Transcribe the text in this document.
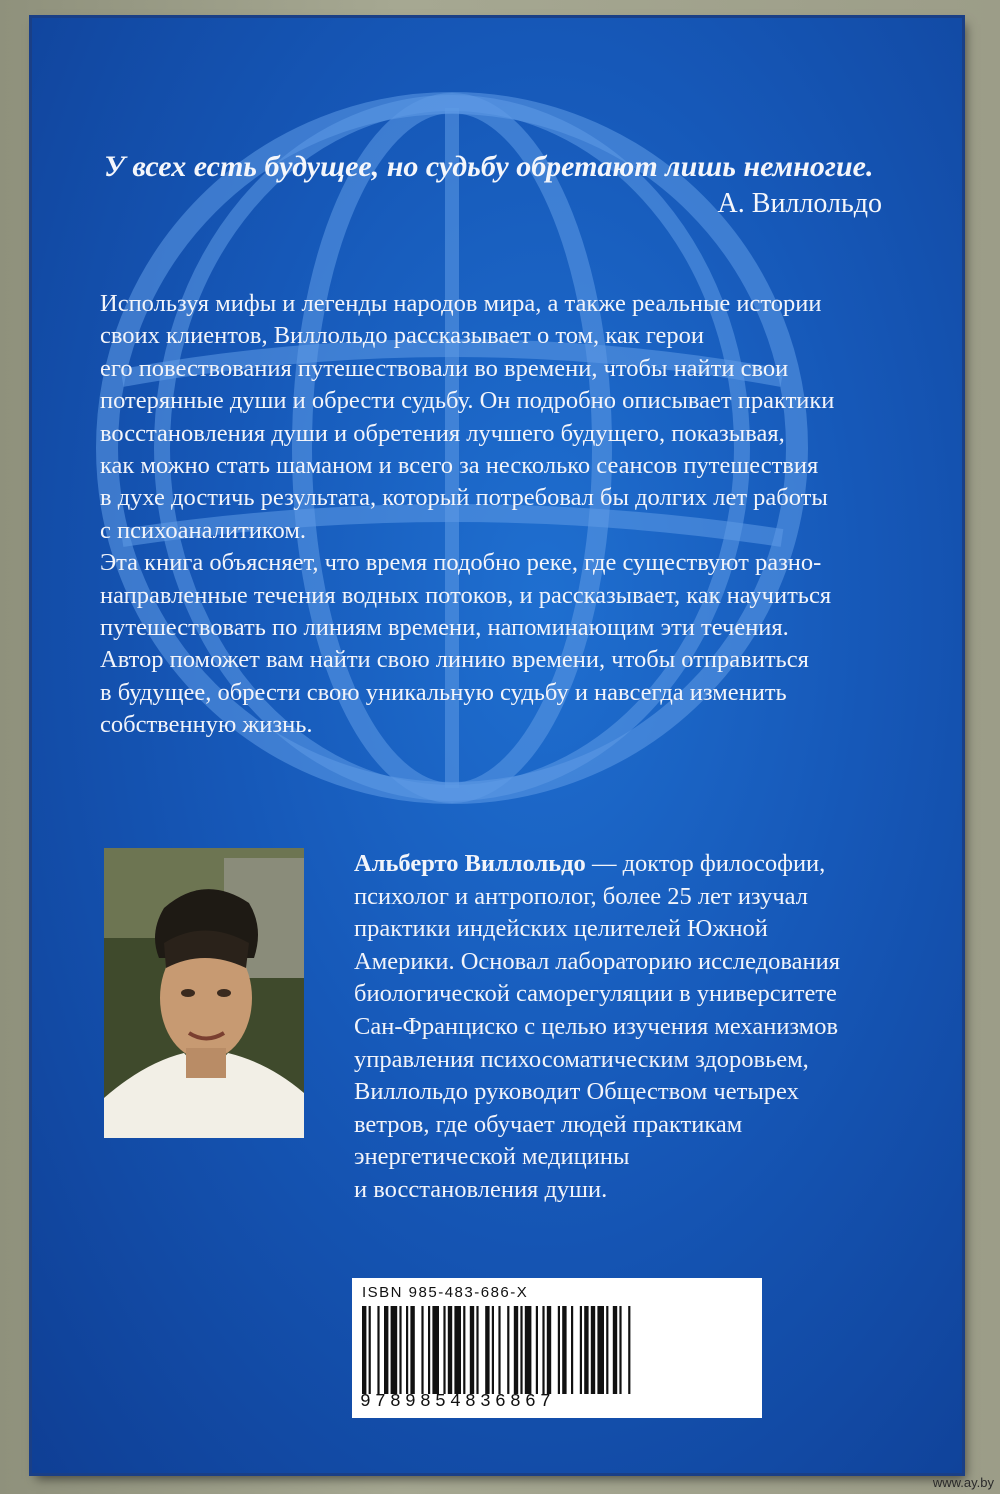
У всех есть будущее, но судьбу обретают лишь немногие.
А. Виллольдо
Используя мифы и легенды народов мира, а также реальные истории
своих клиентов, Виллольдо рассказывает о том, как герои
его повествования путешествовали во времени, чтобы найти свои
потерянные души и обрести судьбу. Он подробно описывает практики
восстановления души и обретения лучшего будущего, показывая,
как можно стать шаманом и всего за несколько сеансов путешествия
в духе достичь результата, который потребовал бы долгих лет работы
с психоаналитиком.
Эта книга объясняет, что время подобно реке, где существуют разно-
направленные течения водных потоков, и рассказывает, как научиться
путешествовать по линиям времени, напоминающим эти течения.
Автор поможет вам найти свою линию времени, чтобы отправиться
в будущее, обрести свою уникальную судьбу и навсегда изменить
собственную жизнь.
Альберто Виллольдо — доктор философии,
психолог и антрополог, более 25 лет изучал
практики индейских целителей Южной
Америки. Основал лабораторию исследования
биологической саморегуляции в университете
Сан-Франциско с целью изучения механизмов
управления психосоматическим здоровьем,
Виллольдо руководит Обществом четырех
ветров, где обучает людей практикам
энергетической медицины
и восстановления души.
ISBN 985-483-686-X
9789854836867
www.ay.by
